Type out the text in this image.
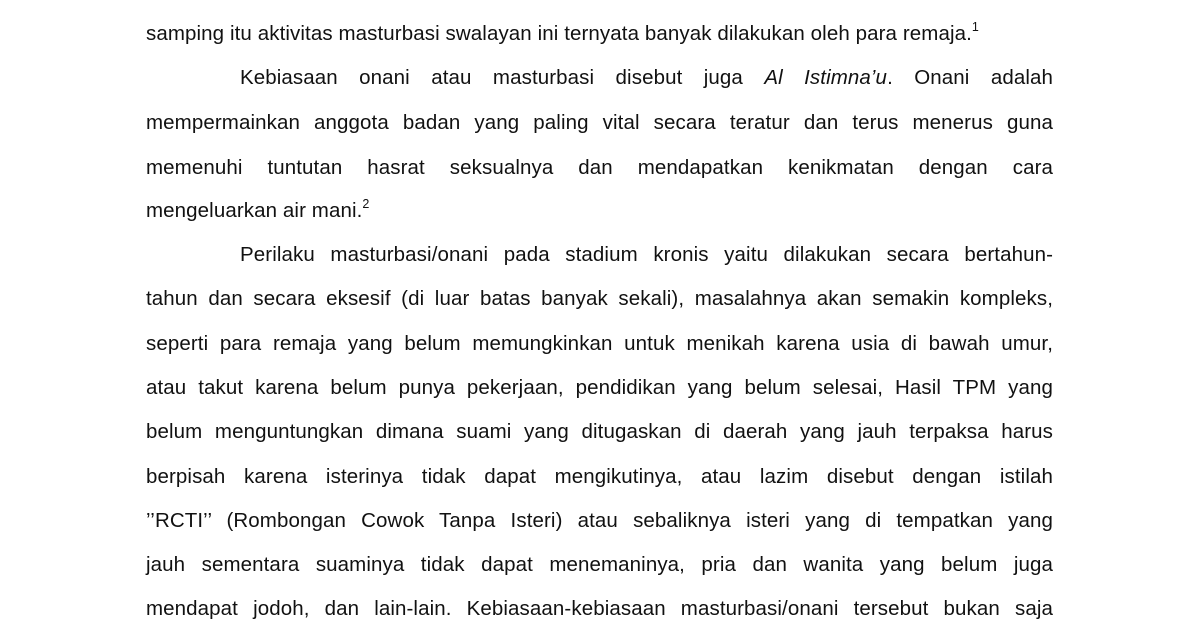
samping itu aktivitas masturbasi swalayan ini ternyata banyak dilakukan oleh para remaja.$^1$
Kebiasaan onani atau masturbasi disebut juga Al Istimna’u. Onani adalah
mempermainkan anggota badan yang paling vital secara teratur dan terus menerus guna
memenuhi tuntutan hasrat seksualnya dan mendapatkan kenikmatan dengan cara
mengeluarkan air mani.$^2$
Perilaku masturbasi/onani pada stadium kronis yaitu dilakukan secara bertahun-
tahun dan secara eksesif (di luar batas banyak sekali), masalahnya akan semakin kompleks,
seperti para remaja yang belum memungkinkan untuk menikah karena usia di bawah umur,
atau takut karena belum punya pekerjaan, pendidikan yang belum selesai, Hasil TPM yang
belum menguntungkan dimana suami yang ditugaskan di daerah yang jauh terpaksa harus
berpisah karena isterinya tidak dapat mengikutinya, atau lazim disebut dengan istilah
’’RCTI’’ (Rombongan Cowok Tanpa Isteri) atau sebaliknya isteri yang di tempatkan yang
jauh sementara suaminya tidak dapat menemaninya, pria dan wanita yang belum juga
mendapat jodoh, dan lain-lain. Kebiasaan-kebiasaan masturbasi/onani tersebut bukan saja
